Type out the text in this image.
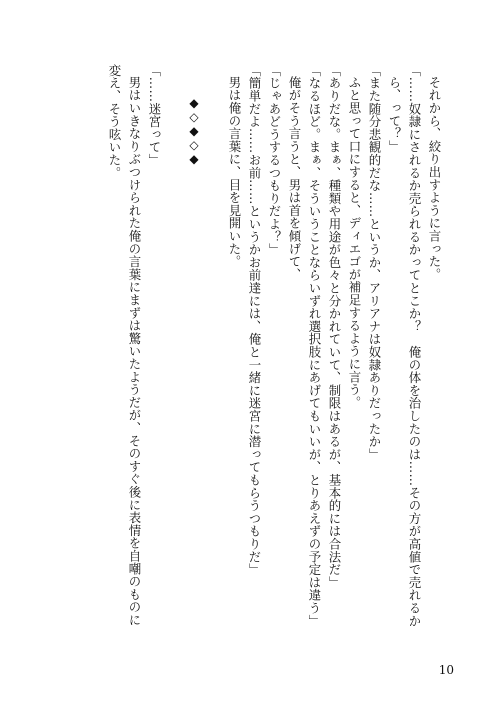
それから、絞り出すように言った。
「……奴隷にされるか売られるかってとこか？　俺の体を治したのは……その方が高値で売れるか
ら、って？」
「また随分悲観的だな……というか、アリアナは奴隷ありだったか」
ふと思って口にすると、ディエゴが補足するように言う。
「ありだな。まぁ、種類や用途が色々と分かれていて、制限はあるが、基本的には合法だ」
「なるほど。まぁ、そういうことならいずれ選択肢にあげてもいいが、とりあえずの予定は違う」
俺がそう言うと、男は首を傾げて、
「じゃあどうするつもりだよ？」
「簡単だよ……お前……というかお前達には、俺と一緒に迷宮に潜ってもらうつもりだ」
男は俺の言葉に、目を見開いた。
◆◇◆◇◆
「……迷宮って」
男はいきなりぶつけられた俺の言葉にまずは驚いたようだが、そのすぐ後に表情を自嘲のものに
変え、そう呟いた。
10
